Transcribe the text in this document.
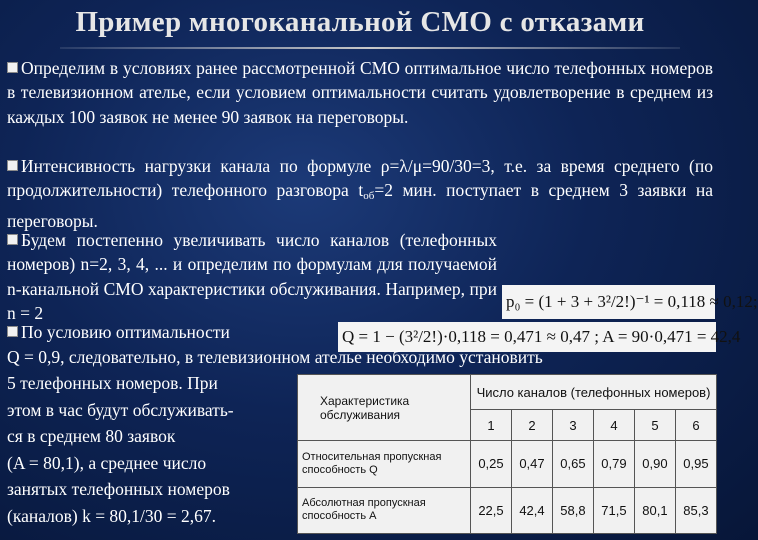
Пример многоканальной СМО с отказами
Определим в условиях ранее рассмотренной СМО оптимальное число телефонных номеров в телевизионном ателье, если условием оптимальности считать удовлетворение в среднем из каждых 100 заявок не менее 90 заявок на переговоры.
Интенсивность нагрузки канала по формуле ρ=λ/μ=90/30=3, т.е. за время среднего (по продолжительности) телефонного разговора $t_{об}=2$ мин. поступает в среднем 3 заявки на переговоры.
Будем постепенно увеличивать число каналов (телефонных номеров) n=2, 3, 4, ... и определим по формулам для получаемой n-канальной СМО характеристики обслуживания. Например, при n = 2
p₀ = (1 + 3 + 3²/2!)⁻¹ = 0,118 ≈ 0,12;
По условию оптимальности	Q = 1 − (3²/2!)·0,118 = 0,471 ≈ 0,47 ; A = 90·0,471 = 42,4
Q = 0,9, следовательно, в телевизионном ателье необходимо установить
5 телефонных номеров. При
этом в час будут обслуживать-
ся в среднем 80 заявок
(A = 80,1), а среднее число
занятых телефонных номеров
(каналов) k = 80,1/30 = 2,67.
Характеристика обслуживания	Число каналов (телефонных номеров)					
	1	2	3	4	5	6
Относительная пропускная способность Q	0,25	0,47	0,65	0,79	0,90	0,95
Абсолютная пропускная способность A	22,5	42,4	58,8	71,5	80,1	85,3
